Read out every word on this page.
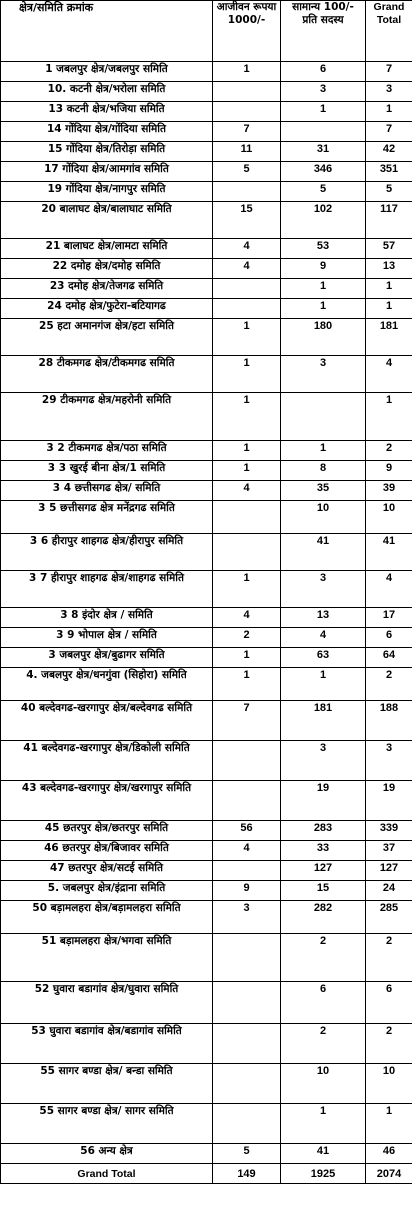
क्षेत्र/समिति क्रमांक	आजीवन रूपया 1000/-	सामान्य 100/- प्रति सदस्य	Grand Total
1 जबलपुर क्षेत्र/जबलपुर समिति	1	6	7
10. कटनी क्षेत्र/भरोला समिति		3	3
13 कटनी क्षेत्र/भजिया समिति		1	1
14 गोंदिया क्षेत्र/गोंदिया समिति	7		7
15 गोंदिया क्षेत्र/तिरोड़ा समिति	11	31	42
17 गोंदिया क्षेत्र/आमगांव समिति	5	346	351
19 गोंदिया क्षेत्र/नागपुर समिति		5	5
20 बालाघट क्षेत्र/बालाघाट समिति	15	102	117
21 बालाघट क्षेत्र/लामटा समिति	4	53	57
22 दमोह क्षेत्र/दमोह समिति	4	9	13
23 दमोह क्षेत्र/तेजगढ समिति		1	1
24 दमोह क्षेत्र/फुटेरा-बटियागढ		1	1
25 हटा अमानगंज क्षेत्र/हटा समिति	1	180	181
28 टीकमगढ क्षेत्र/टीकमगढ समिति	1	3	4
29 टीकमगढ क्षेत्र/महरोनी समिति	1		1
3 2 टीकमगढ क्षेत्र/पठा समिति	1	1	2
3 3 खुरई बीना क्षेत्र/1 समिति	1	8	9
3 4 छत्तीसगढ क्षेत्र/ समिति	4	35	39
3 5 छत्तीसगढ क्षेत्र मनेंद्रगढ समिति		10	10
3 6 हीरापुर शाहगढ क्षेत्र/हीरापुर समिति		41	41
3 7 हीरापुर शाहगढ क्षेत्र/शाहगढ समिति	1	3	4
3 8 इंदोर क्षेत्र / समिति	4	13	17
3 9 भोपाल क्षेत्र / समिति	2	4	6
3 जबलपुर क्षेत्र/बुढागर समिति	1	63	64
4. जबलपुर क्षेत्र/धनगुंवा (सिहोरा) समिति	1	1	2
40 बल्देवगढ-खरगापुर क्षेत्र/बल्देवगढ समिति	7	181	188
41 बल्देवगढ-खरगापुर क्षेत्र/डिकोली समिति		3	3
43 बल्देवगढ-खरगापुर क्षेत्र/खरगापुर समिति		19	19
45 छतरपुर क्षेत्र/छतरपुर समिति	56	283	339
46 छतरपुर क्षेत्र/बिजावर समिति	4	33	37
47 छतरपुर क्षेत्र/सटई समिति		127	127
5. जबलपुर क्षेत्र/इंद्राना समिति	9	15	24
50 बड़ामलहरा क्षेत्र/बड़ामलहरा समिति	3	282	285
51 बड़ामलहरा क्षेत्र/भगवा समिति		2	2
52 घुवारा बडागांव क्षेत्र/घुवारा समिति		6	6
53 घुवारा बडागांव क्षेत्र/बडागांव समिति		2	2
55 सागर बण्डा क्षेत्र/ बन्डा समिति		10	10
55 सागर बण्डा क्षेत्र/ सागर समिति		1	1
56 अन्य क्षेत्र	5	41	46
Grand Total	149	1925	2074
